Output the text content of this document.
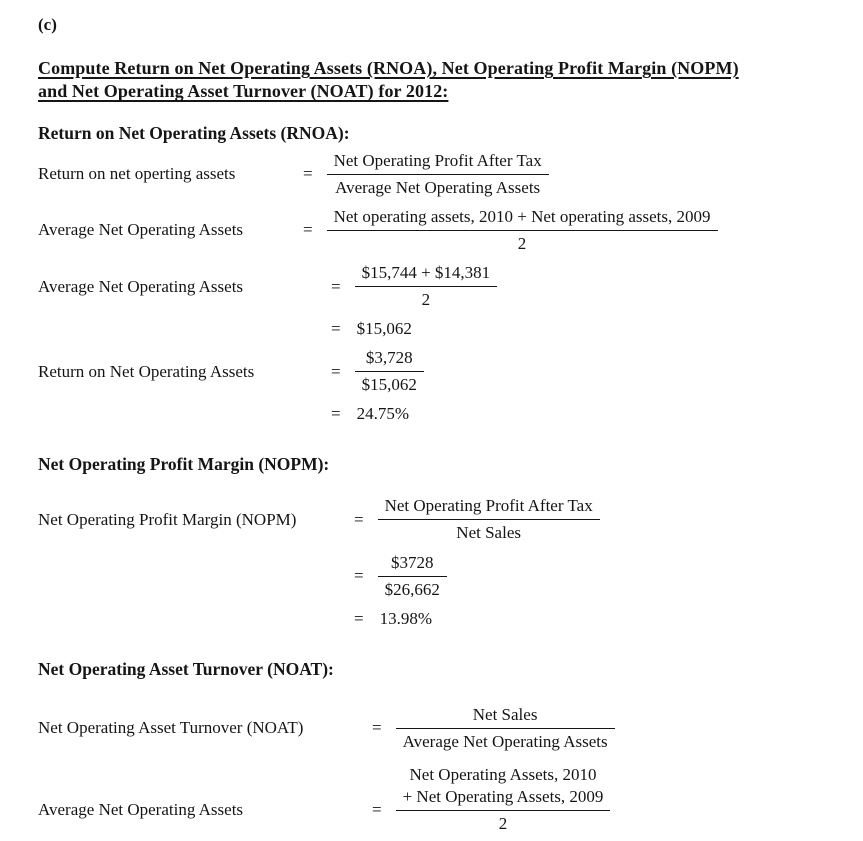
(c)
Compute Return on Net Operating Assets (RNOA), Net Operating Profit Margin (NOPM)
and Net Operating Asset Turnover (NOAT) for 2012:
Return on Net Operating Assets (RNOA):
Return on net operting assets	= $\frac{\text{Net Operating Profit After Tax}}{\text{Average Net Operating Assets}}$
Average Net Operating Assets	= $\frac{\text{Net operating assets, 2010 + Net operating assets, 2009}}{2}$
Average Net Operating Assets	= $\frac{\$15,744 + \$14,381}{2}$
= $15,062
Return on Net Operating Assets	= $\frac{\$3,728}{\$15,062}$
= 24.75%
Net Operating Profit Margin (NOPM):
Net Operating Profit Margin (NOPM)	= $\frac{\text{Net Operating Profit After Tax}}{\text{Net Sales}}$
= $\frac{\$3728}{\$26,662}$
= 13.98%
Net Operating Asset Turnover (NOAT):
Net Operating Asset Turnover (NOAT)	= $\frac{\text{Net Sales}}{\text{Average Net Operating Assets}}$
Average Net Operating Assets	=
Net Operating Assets, 2010
+ Net Operating Assets, 2009
2
